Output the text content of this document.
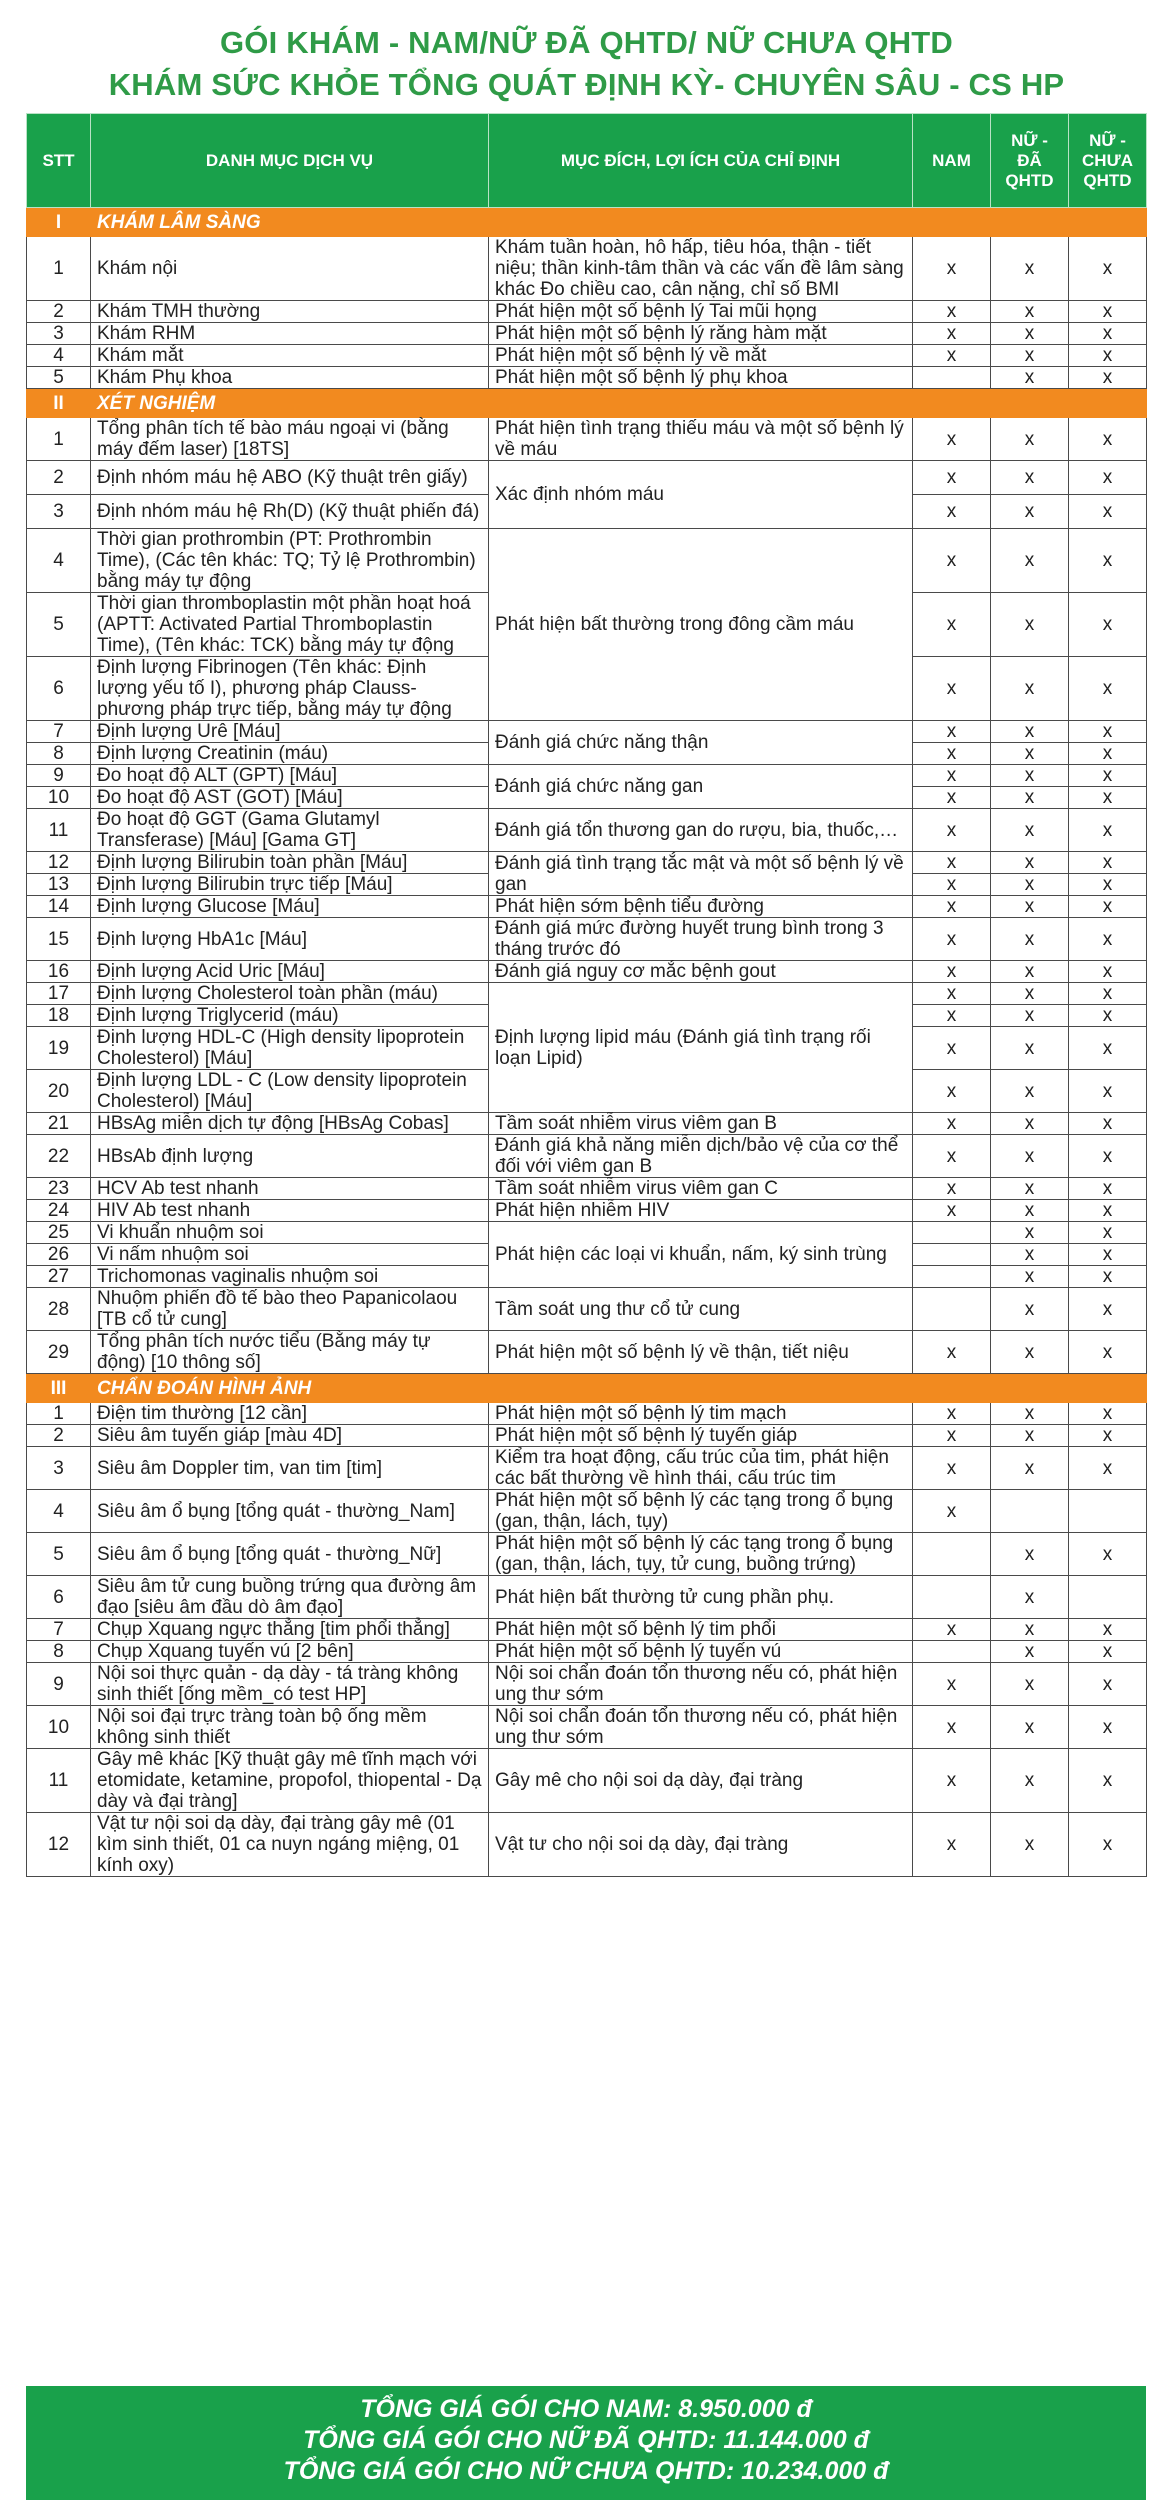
GÓI KHÁM - NAM/NỮ ĐÃ QHTD/ NỮ CHƯA QHTD
KHÁM SỨC KHỎE TỔNG QUÁT ĐỊNH KỲ- CHUYÊN SÂU - CS HP
STT	DANH MỤC DỊCH VỤ	MỤC ĐÍCH, LỢI ÍCH CỦA CHỈ ĐỊNH	NAM	NỮ - ĐÃ QHTD	NỮ - CHƯA QHTD
I	KHÁM LÂM SÀNG				
1	Khám nội	Khám tuần hoàn, hô hấp, tiêu hóa, thận - tiết niệu; thần kinh-tâm thần và các vấn đề lâm sàng khác Đo chiều cao, cân nặng, chỉ số BMI	x	x	x
2	Khám TMH thường	Phát hiện một số bệnh lý Tai mũi họng	x	x	x
3	Khám RHM	Phát hiện một số bệnh lý răng hàm mặt	x	x	x
4	Khám mắt	Phát hiện một số bệnh lý về mắt	x	x	x
5	Khám Phụ khoa	Phát hiện một số bệnh lý phụ khoa		x	x
II	XÉT NGHIỆM				
1	Tổng phân tích tế bào máu ngoại vi (bằng máy đếm laser) [18TS]	Phát hiện tình trạng thiếu máu và một số bệnh lý về máu	x	x	x
2	Định nhóm máu hệ ABO (Kỹ thuật trên giấy)	Xác định nhóm máu	x	x	x
3	Định nhóm máu hệ Rh(D) (Kỹ thuật phiến đá)		x	x	x
4	Thời gian prothrombin (PT: Prothrombin Time), (Các tên khác: TQ; Tỷ lệ Prothrombin) bằng máy tự động	Phát hiện bất thường trong đông cầm máu	x	x	x
5	Thời gian thromboplastin một phần hoạt hoá (APTT: Activated Partial Thromboplastin Time), (Tên khác: TCK) bằng máy tự động		x	x	x
6	Định lượng Fibrinogen (Tên khác: Định lượng yếu tố I), phương pháp Clauss- phương pháp trực tiếp, bằng máy tự động		x	x	x
7	Định lượng Urê [Máu]	Đánh giá chức năng thận	x	x	x
8	Định lượng Creatinin (máu)		x	x	x
9	Đo hoạt độ ALT (GPT) [Máu]	Đánh giá chức năng gan	x	x	x
10	Đo hoạt độ AST (GOT) [Máu]		x	x	x
11	Đo hoạt độ GGT (Gama Glutamyl Transferase) [Máu] [Gama GT]	Đánh giá tổn thương gan do rượu, bia, thuốc,…	x	x	x
12	Định lượng Bilirubin toàn phần [Máu]	Đánh giá tình trạng tắc mật và một số bệnh lý về gan	x	x	x
13	Định lượng Bilirubin trực tiếp [Máu]		x	x	x
14	Định lượng Glucose [Máu]	Phát hiện sớm bệnh tiểu đường	x	x	x
15	Định lượng HbA1c [Máu]	Đánh giá mức đường huyết trung bình trong 3 tháng trước đó	x	x	x
16	Định lượng Acid Uric [Máu]	Đánh giá nguy cơ mắc bệnh gout	x	x	x
17	Định lượng Cholesterol toàn phần (máu)	Định lượng lipid máu (Đánh giá tình trạng rối loạn Lipid)	x	x	x
18	Định lượng Triglycerid (máu)		x	x	x
19	Định lượng HDL-C (High density lipoprotein Cholesterol) [Máu]		x	x	x
20	Định lượng LDL - C (Low density lipoprotein Cholesterol) [Máu]		x	x	x
21	HBsAg miễn dịch tự động [HBsAg Cobas]	Tầm soát nhiễm virus viêm gan B	x	x	x
22	HBsAb định lượng	Đánh giá khả năng miễn dịch/bảo vệ của cơ thể đối với viêm gan B	x	x	x
23	HCV Ab test nhanh	Tầm soát nhiễm virus viêm gan C	x	x	x
24	HIV Ab test nhanh	Phát hiện nhiễm HIV	x	x	x
25	Vi khuẩn nhuộm soi	Phát hiện các loại vi khuẩn, nấm, ký sinh trùng		x	x
26	Vi nấm nhuộm soi			x	x
27	Trichomonas vaginalis nhuộm soi			x	x
28	Nhuộm phiến đồ tế bào theo Papanicolaou [TB cổ tử cung]	Tầm soát ung thư cổ tử cung		x	x
29	Tổng phân tích nước tiểu (Bằng máy tự động) [10 thông số]	Phát hiện một số bệnh lý về thận, tiết niệu	x	x	x
III	CHẨN ĐOÁN HÌNH ẢNH				
1	Điện tim thường [12 cần]	Phát hiện một số bệnh lý tim mạch	x	x	x
2	Siêu âm tuyến giáp [màu 4D]	Phát hiện một số bệnh lý tuyến giáp	x	x	x
3	Siêu âm Doppler tim, van tim [tim]	Kiểm tra hoạt động, cấu trúc của tim, phát hiện các bất thường về hình thái, cấu trúc tim	x	x	x
4	Siêu âm ổ bụng [tổng quát - thường_Nam]	Phát hiện một số bệnh lý các tạng trong ổ bụng (gan, thận, lách, tụy)	x		
5	Siêu âm ổ bụng [tổng quát - thường_Nữ]	Phát hiện một số bệnh lý các tạng trong ổ bụng (gan, thận, lách, tụy, tử cung, buồng trứng)		x	x
6	Siêu âm tử cung buồng trứng qua đường âm đạo [siêu âm đầu dò âm đạo]	Phát hiện bất thường tử cung phần phụ.		x	
7	Chụp Xquang ngực thẳng [tim phổi thẳng]	Phát hiện một số bệnh lý tim phổi	x	x	x
8	Chụp Xquang tuyến vú [2 bên]	Phát hiện một số bệnh lý tuyến vú		x	x
9	Nội soi thực quản - dạ dày - tá tràng không sinh thiết [ống mềm_có test HP]	Nội soi chẩn đoán tổn thương nếu có, phát hiện ung thư sớm	x	x	x
10	Nội soi đại trực tràng toàn bộ ống mềm không sinh thiết	Nội soi chẩn đoán tổn thương nếu có, phát hiện ung thư sớm	x	x	x
11	Gây mê khác [Kỹ thuật gây mê tĩnh mạch với etomidate, ketamine, propofol, thiopental - Dạ dày và đại tràng]	Gây mê cho nội soi dạ dày, đại tràng	x	x	x
12	Vật tư nội soi dạ dày, đại tràng gây mê (01 kìm sinh thiết, 01 ca nuyn ngáng miệng, 01 kính oxy)	Vật tư cho nội soi dạ dày, đại tràng	x	x	x
TỔNG GIÁ GÓI CHO NAM: 8.950.000 đ
TỔNG GIÁ GÓI CHO NỮ ĐÃ QHTD: 11.144.000 đ
TỔNG GIÁ GÓI CHO NỮ CHƯA QHTD: 10.234.000 đ
